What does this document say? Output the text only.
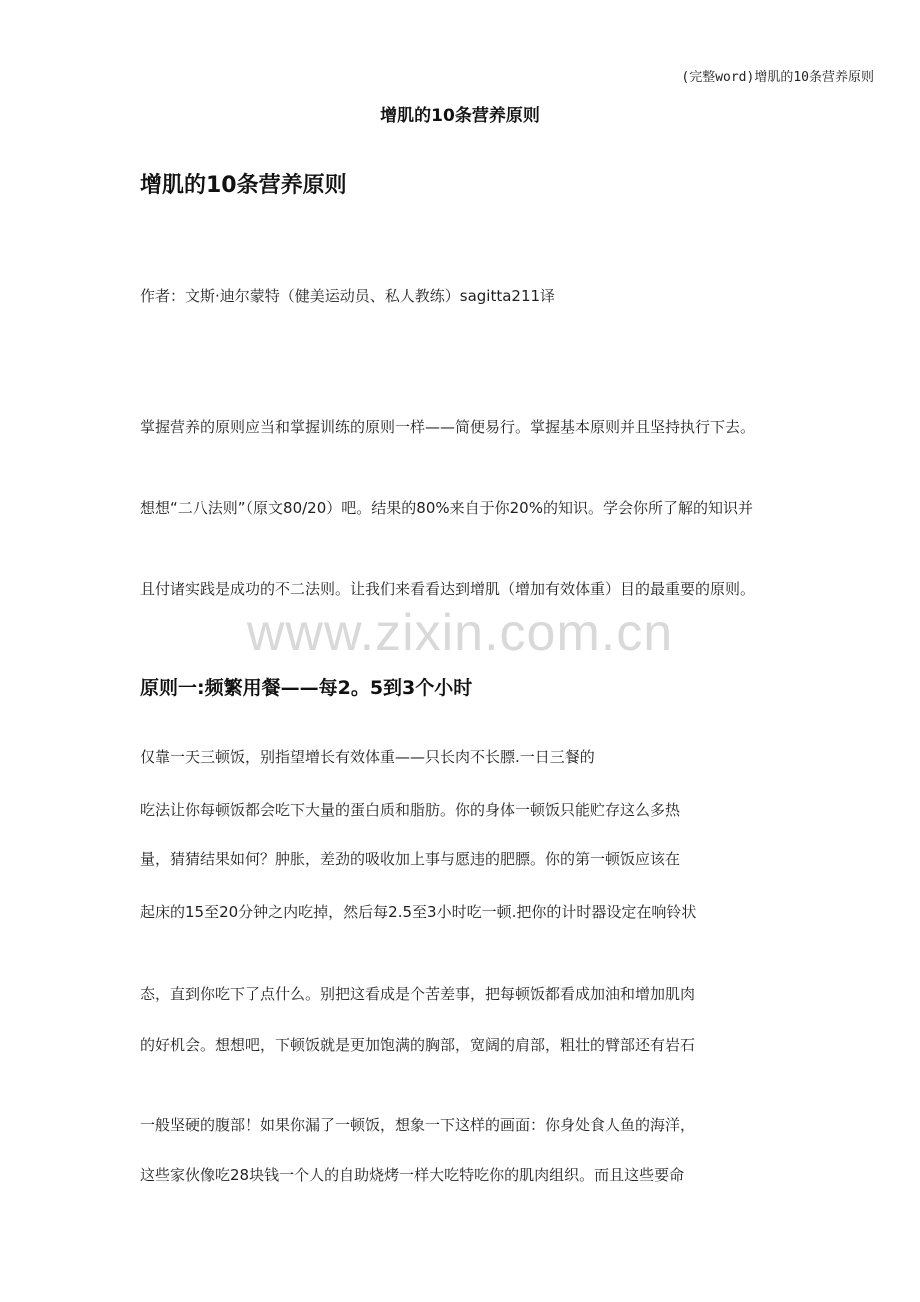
(完整word)增肌的10条营养原则
增肌的10条营养原则
增肌的10条营养原则
作者：文斯·迪尔蒙特（健美运动员、私人教练）sagitta211译
掌握营养的原则应当和掌握训练的原则一样——简便易行。掌握基本原则并且坚持执行下去。
想想“二八法则”（原文80/20）吧。结果的80%来自于你20%的知识。学会你所了解的知识并
且付诸实践是成功的不二法则。让我们来看看达到增肌（增加有效体重）目的最重要的原则。
www.zixin.com.cn
原则一:频繁用餐——每2。5到3个小时
仅靠一天三顿饭，别指望增长有效体重——只长肉不长膘.一日三餐的
吃法让你每顿饭都会吃下大量的蛋白质和脂肪。你的身体一顿饭只能贮存这么多热
量，猜猜结果如何？肿胀，差劲的吸收加上事与愿违的肥膘。你的第一顿饭应该在
起床的15至20分钟之内吃掉，然后每2.5至3小时吃一顿.把你的计时器设定在响铃状
态，直到你吃下了点什么。别把这看成是个苦差事，把每顿饭都看成加油和增加肌肉
的好机会。想想吧，下顿饭就是更加饱满的胸部，宽阔的肩部，粗壮的臂部还有岩石
一般坚硬的腹部！如果你漏了一顿饭，想象一下这样的画面：你身处食人鱼的海洋，
这些家伙像吃28块钱一个人的自助烧烤一样大吃特吃你的肌肉组织。而且这些要命
